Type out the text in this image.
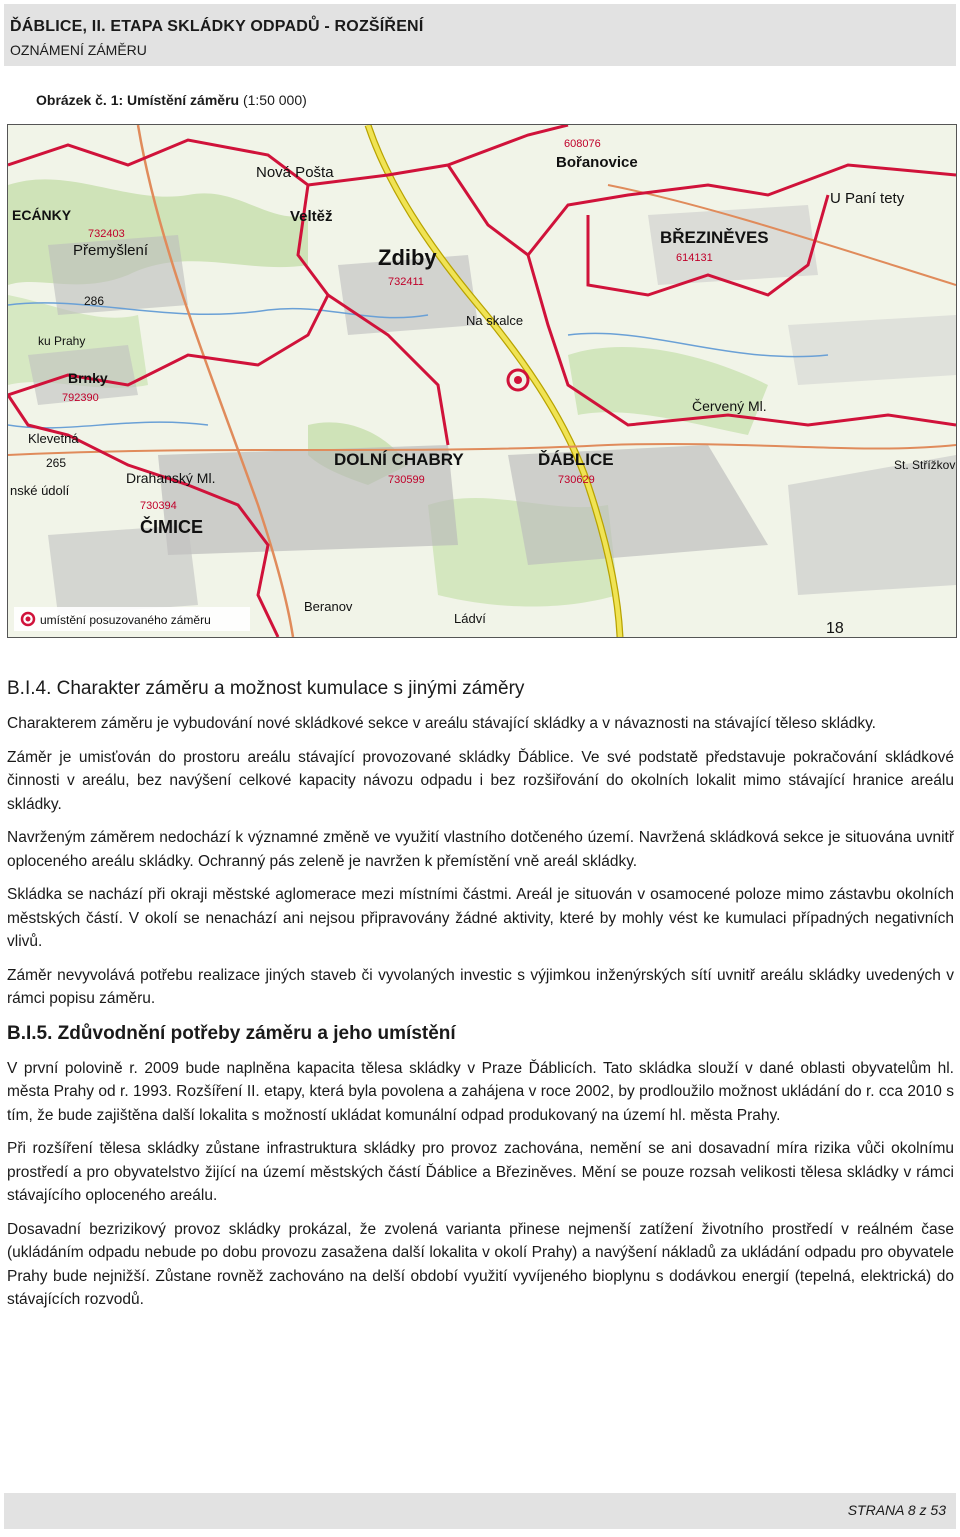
ĎÁBLICE, II. ETAPA SKLÁDKY ODPADŮ - ROZŠÍŘENÍ
OZNÁMENÍ ZÁMĚRU
Obrázek č. 1: Umístění záměru (1:50 000)
Bořanovice
608076
Nová Pošta
ECÁNKY	Veltěž
Přemyšlení
732403
Zdiby
732411
U Paní tety
BŘEZINĚVES
614131
286
Na skalce
ku Prahy
Brnky
792390	Červený Ml.
Klevetná
265
Drahanský Ml.
DOLNÍ CHABRY
730599
ĎÁBLICE
730629
St. Střížkov
nské údolí
730394
ČIMICE
Beranov
Ládví
18
umístění posuzovaného záměru
B.I.4. Charakter záměru a možnost kumulace s jinými záměry

Charakterem záměru je vybudování nové skládkové sekce v areálu stávající skládky a v návaznosti na stávající těleso skládky.

Záměr je umisťován do prostoru areálu stávající provozované skládky Ďáblice. Ve své podstatě představuje pokračování skládkové činnosti v areálu, bez navýšení celkové kapacity návozu odpadu i bez rozšiřování do okolních lokalit mimo stávající hranice areálu skládky.

Navrženým záměrem nedochází k významné změně ve využití vlastního dotčeného území. Navržená skládková sekce je situována uvnitř oploceného areálu skládky. Ochranný pás zeleně je navržen k přemístění vně areál skládky.

Skládka se nachází při okraji městské aglomerace mezi místními částmi. Areál je situován v osamocené poloze mimo zástavbu okolních městských částí. V okolí se nenachází ani nejsou připravovány žádné aktivity, které by mohly vést ke kumulaci případných negativních vlivů.

Záměr nevyvolává potřebu realizace jiných staveb či vyvolaných investic s výjimkou inženýrských sítí uvnitř areálu skládky uvedených v rámci popisu záměru.

B.I.5. Zdůvodnění potřeby záměru a jeho umístění

V první polovině r. 2009 bude naplněna kapacita tělesa skládky v Praze Ďáblicích. Tato skládka slouží v dané oblasti obyvatelům hl. města Prahy od r. 1993. Rozšíření II. etapy, která byla povolena a zahájena v roce 2002, by prodloužilo možnost ukládání do r. cca 2010 s tím, že bude zajištěna další lokalita s možností ukládat komunální odpad produkovaný na území hl. města Prahy.

Při rozšíření tělesa skládky zůstane infrastruktura skládky pro provoz zachována, nemění se ani dosavadní míra rizika vůči okolnímu prostředí a pro obyvatelstvo žijící na území městských částí Ďáblice a Březiněves. Mění se pouze rozsah velikosti tělesa skládky v rámci stávajícího oploceného areálu.

Dosavadní bezrizikový provoz skládky prokázal, že zvolená varianta přinese nejmenší zatížení životního prostředí v reálném čase (ukládáním odpadu nebude po dobu provozu zasažena další lokalita v okolí Prahy) a navýšení nákladů za ukládání odpadu pro obyvatele Prahy bude nejnižší. Zůstane rovněž zachováno na delší období využití vyvíjeného bioplynu s dodávkou energií (tepelná, elektrická) do stávajících rozvodů.

STRANA 8 z 53
